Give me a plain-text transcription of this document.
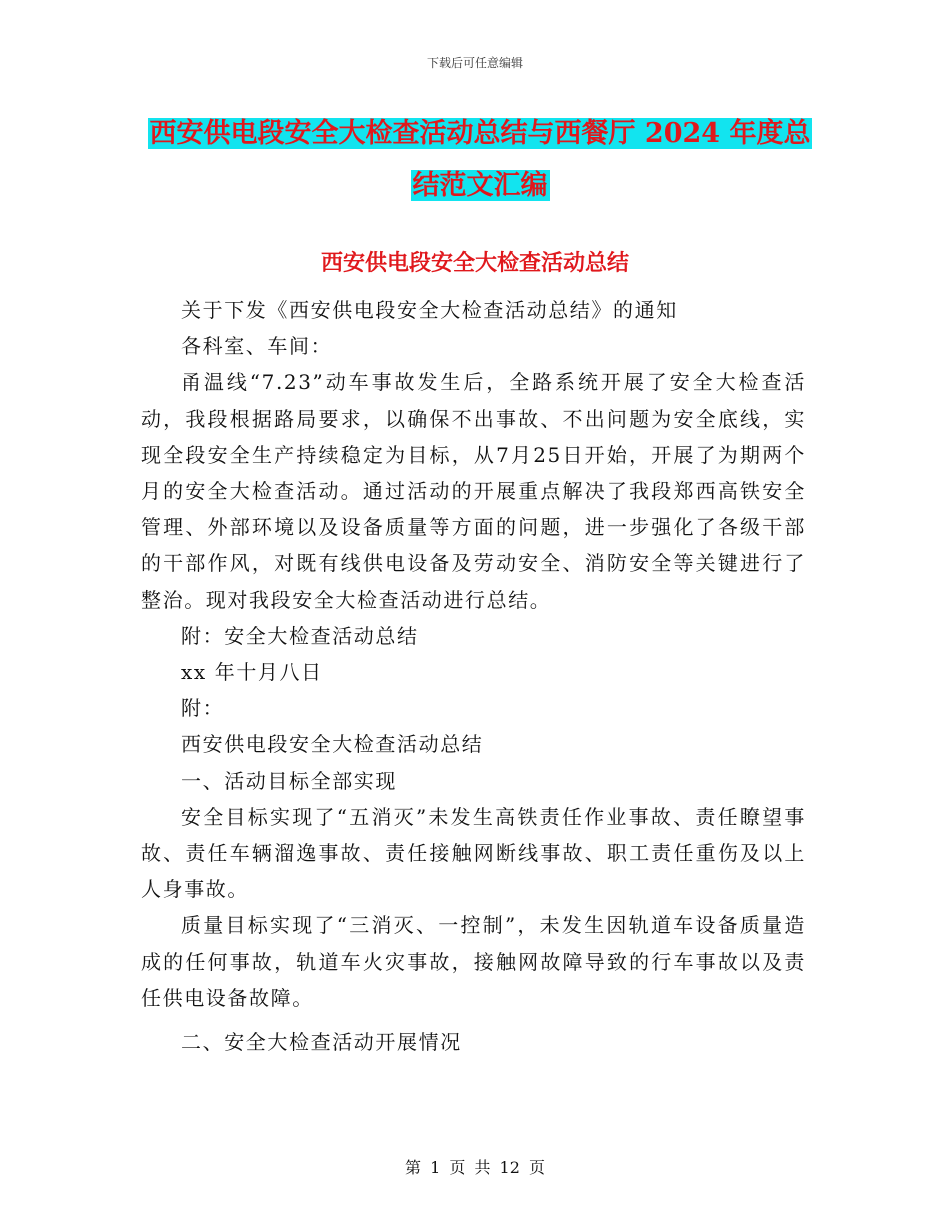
下载后可任意编辑
西安供电段安全大检查活动总结与西餐厅 2024 年度总
结范文汇编
西安供电段安全大检查活动总结

关于下发《西安供电段安全大检查活动总结》的通知

各科室、车间：

甬温线“7.23”动车事故发生后，全路系统开展了安全大检查活动，我段根据路局要求，以确保不出事故、不出问题为安全底线，实现全段安全生产持续稳定为目标，从7月25日开始，开展了为期两个月的安全大检查活动。通过活动的开展重点解决了我段郑西高铁安全管理、外部环境以及设备质量等方面的问题，进一步强化了各级干部的干部作风，对既有线供电设备及劳动安全、消防安全等关键进行了整治。现对我段安全大检查活动进行总结。

附：安全大检查活动总结

xx 年十月八日

附：

西安供电段安全大检查活动总结

一、活动目标全部实现

安全目标实现了“五消灭”未发生高铁责任作业事故、责任瞭望事故、责任车辆溜逸事故、责任接触网断线事故、职工责任重伤及以上人身事故。

质量目标实现了“三消灭、一控制”，未发生因轨道车设备质量造成的任何事故，轨道车火灾事故，接触网故障导致的行车事故以及责任供电设备故障。

二、安全大检查活动开展情况

第 1 页 共 12 页
